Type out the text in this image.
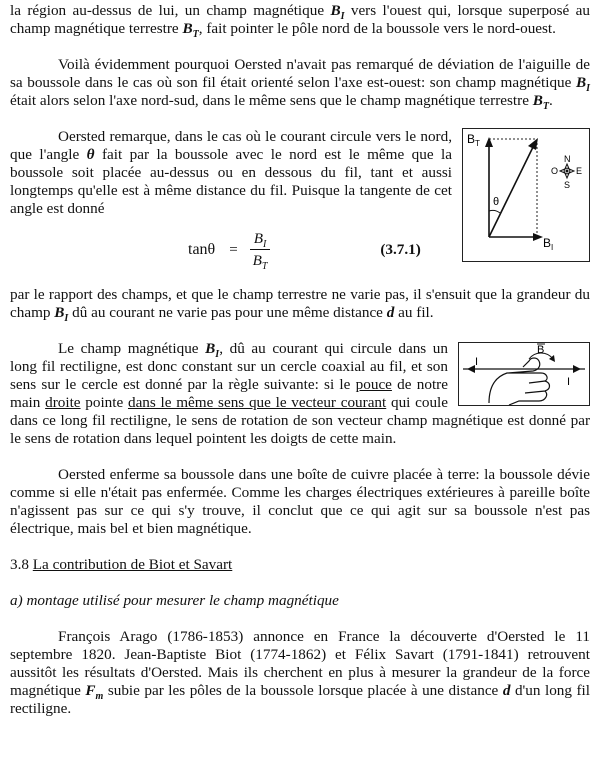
la région au-dessus de lui, un champ magnétique $B_I$ vers l'ouest qui, lorsque superposé au champ magnétique terrestre $B_T$, fait pointer le pôle nord de la boussole vers le nord-ouest.

Voilà évidemment pourquoi Oersted n'avait pas remarqué de déviation de l'aiguille de sa boussole dans le cas où son fil était orienté selon l'axe est-ouest: son champ magnétique $B_I$ était alors selon l'axe nord-sud, dans le même sens que le champ magnétique terrestre $B_T$.

$B_T$
$B_I$
θ
N
S
E
O

Oersted remarque, dans le cas où le courant circule vers le nord, que l'angle θ fait par la boussole avec le nord est le même que la boussole soit placée au-dessus ou en dessous du fil, tant et aussi longtemps qu'elle est à même distance du fil. Puisque la tangente de cet angle est donné

$\tan\theta = \frac{B_I}{B_T}$	(3.7.1)

par le rapport des champs, et que le champ terrestre ne varie pas, il s'ensuit que la grandeur du champ $B_I$ dû au courant ne varie pas pour une même distance d au fil.

I
I
B

Le champ magnétique $B_I$, dû au courant qui circule dans un long fil rectiligne, est donc constant sur un cercle coaxial au fil, et son sens sur le cercle est donné par la règle suivante: si le pouce de notre main droite pointe dans le même sens que le vecteur courant qui coule dans ce long fil rectiligne, le sens de rotation de son vecteur champ magnétique est donné par le sens de rotation dans lequel pointent les doigts de cette main.

Oersted enferme sa boussole dans une boîte de cuivre placée à terre: la boussole dévie comme si elle n'était pas enfermée. Comme les charges électriques extérieures à pareille boîte n'agissent pas sur ce qui s'y trouve, il conclut que ce qui agit sur sa boussole n'est pas électrique, mais bel et bien magnétique.

3.8 La contribution de Biot et Savart

a) montage utilisé pour mesurer le champ magnétique

François Arago (1786-1853) annonce en France la découverte d'Oersted le 11 septembre 1820. Jean-Baptiste Biot (1774-1862) et Félix Savart (1791-1841) retrouvent aussitôt les résultats d'Oersted. Mais ils cherchent en plus à mesurer la grandeur de la force magnétique $F_m$ subie par les pôles de la boussole lorsque placée à une distance d d'un long fil rectiligne.
